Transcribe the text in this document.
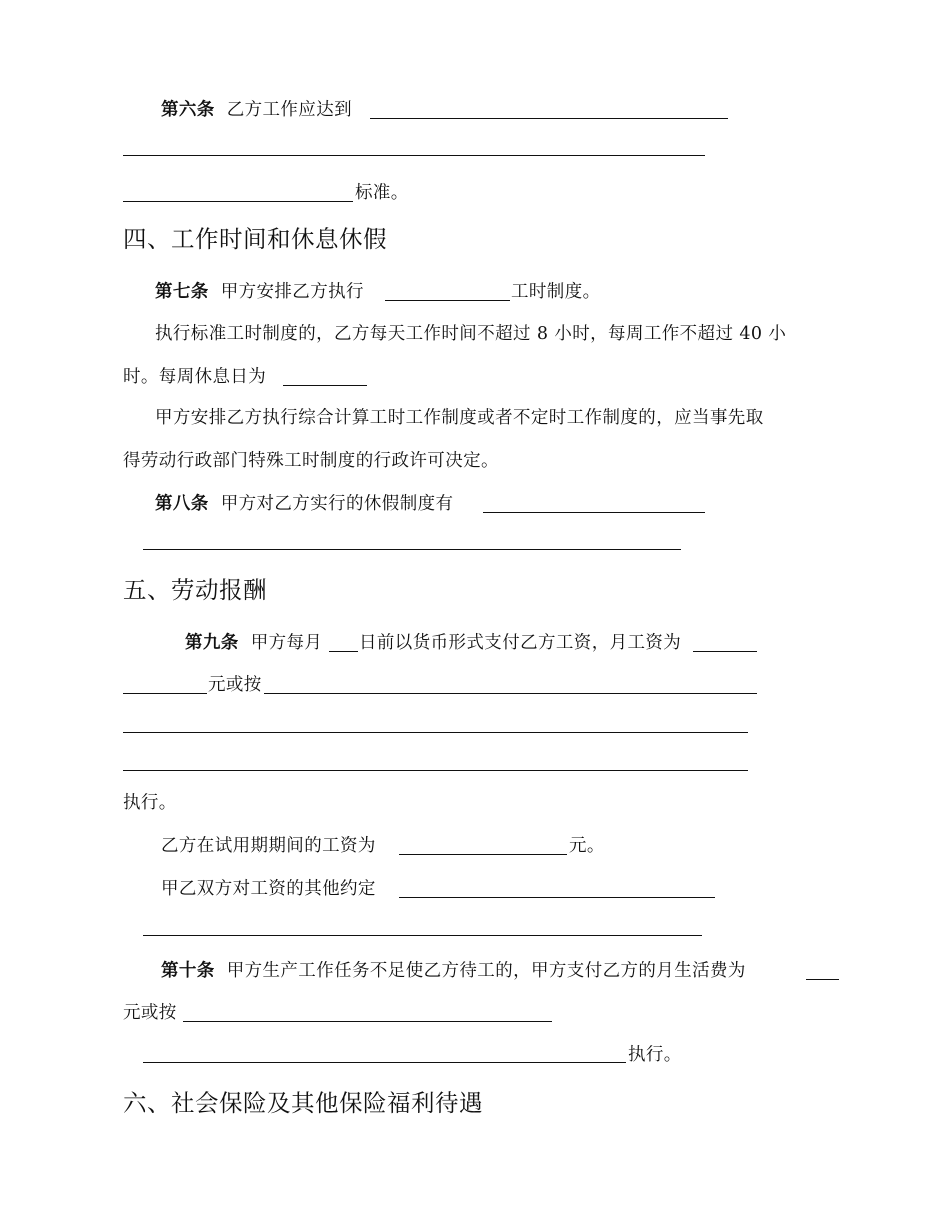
第六条 乙方工作应达到
标准。
四、工作时间和休息休假
第七条 甲方安排乙方执行	工时制度。
执行标准工时制度的，乙方每天工作时间不超过 8 小时，每周工作不超过 40 小
时。每周休息日为
甲方安排乙方执行综合计算工时工作制度或者不定时工作制度的，应当事先取
得劳动行政部门特殊工时制度的行政许可决定。
第八条 甲方对乙方实行的休假制度有
五、劳动报酬
第九条 甲方每月 日前以货币形式支付乙方工资，月工资为
元或按
执行。
乙方在试用期期间的工资为	元。
甲乙双方对工资的其他约定
第十条 甲方生产工作任务不足使乙方待工的，甲方支付乙方的月生活费为
元或按
执行。
六、社会保险及其他保险福利待遇
